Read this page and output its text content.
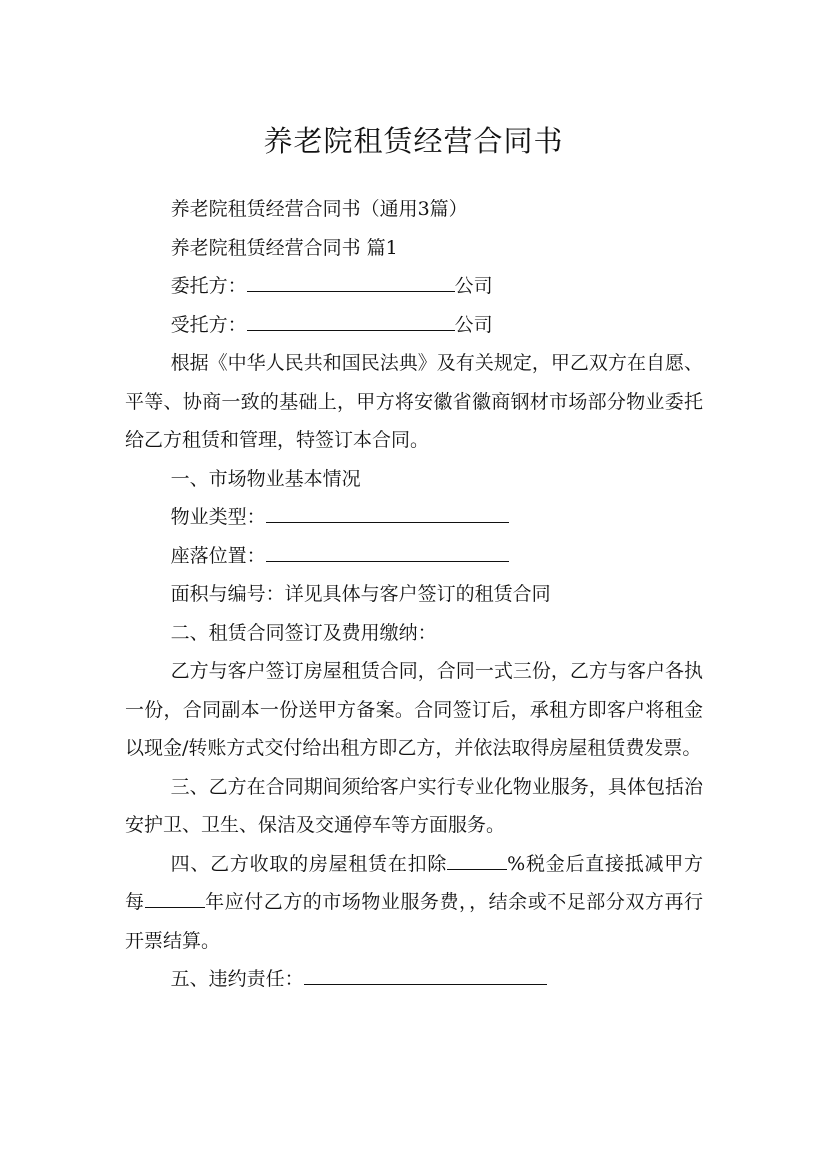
养老院租赁经营合同书

养老院租赁经营合同书（通用3篇）

养老院租赁经营合同书 篇1

委托方：	公司

受托方：	公司

根据《中华人民共和国民法典》及有关规定，甲乙双方在自愿、平等、协商一致的基础上，甲方将安徽省徽商钢材市场部分物业委托给乙方租赁和管理，特签订本合同。

一、市场物业基本情况

物业类型：

座落位置：

面积与编号：详见具体与客户签订的租赁合同

二、租赁合同签订及费用缴纳：

乙方与客户签订房屋租赁合同，合同一式三份，乙方与客户各执一份，合同副本一份送甲方备案。合同签订后，承租方即客户将租金以现金/转账方式交付给出租方即乙方，并依法取得房屋租赁费发票。

三、乙方在合同期间须给客户实行专业化物业服务，具体包括治安护卫、卫生、保洁及交通停车等方面服务。

四、乙方收取的房屋租赁在扣除	%税金后直接抵减甲方每	年应付乙方的市场物业服务费，，结余或不足部分双方再行开票结算。

五、违约责任：
